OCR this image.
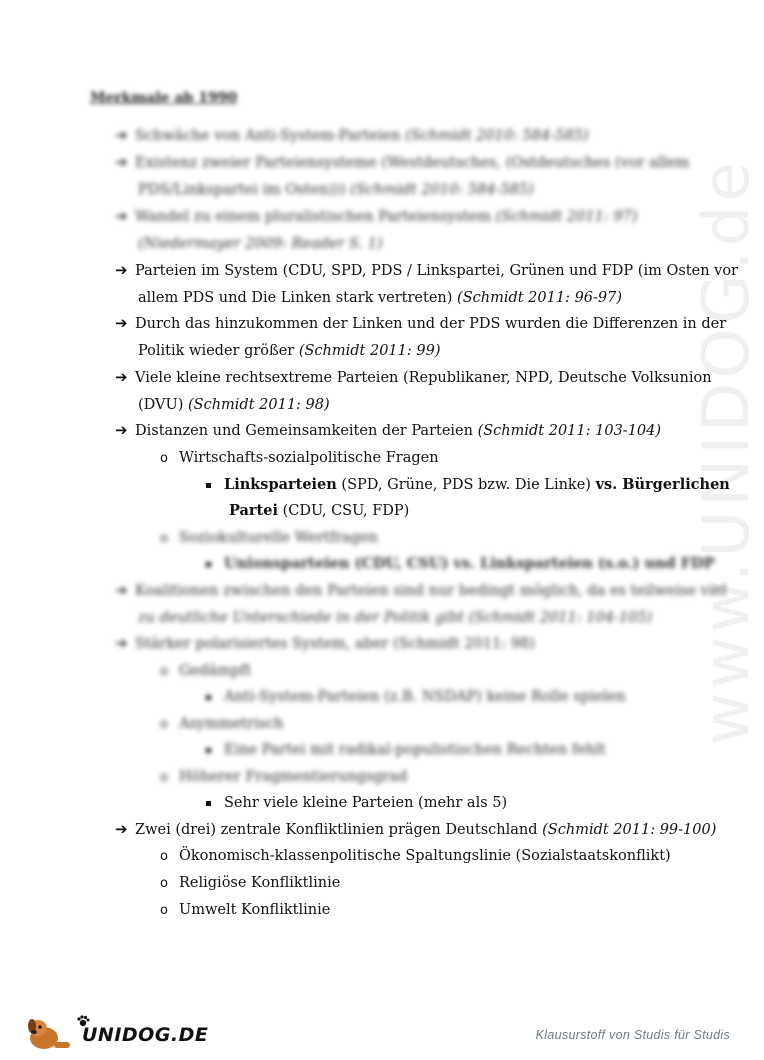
www.UNIDOG.de
Merkmale ab 1990
➔ Schwäche von Anti-System-Parteien (Schmidt 2010: 584-585)
➔ Existenz zweier Parteiensysteme (Westdeutsches, (Ostdeutsches (vor allem
PDS/Linkspartei im Osten))) (Schmidt 2010: 584-585)
➔ Wandel zu einem pluralistischen Parteiensystem (Schmidt 2011: 97)
(Niedermayer 2009: Reader S. 1)
➔ Parteien im System (CDU, SPD, PDS / Linkspartei, Grünen und FDP (im Osten vor
allem PDS und Die Linken stark vertreten) (Schmidt 2011: 96-97)
➔ Durch das hinzukommen der Linken und der PDS wurden die Differenzen in der
Politik wieder größer (Schmidt 2011: 99)
➔ Viele kleine rechtsextreme Parteien (Republikaner, NPD, Deutsche Volksunion
(DVU) (Schmidt 2011: 98)
➔ Distanzen und Gemeinsamkeiten der Parteien (Schmidt 2011: 103-104)
o Wirtschafts-sozialpolitische Fragen
Linksparteien (SPD, Grüne, PDS bzw. Die Linke) vs. Bürgerlichen
Partei (CDU, CSU, FDP)
o Soziokulturelle Wertfragen
Unionsparteien (CDU, CSU) vs. Linksparteien (s.o.) und FDP
➔ Koalitionen zwischen den Parteien sind nur bedingt möglich, da es teilweise viel
zu deutliche Unterschiede in der Politik gibt (Schmidt 2011: 104-105)
➔ Stärker polarisiertes System, aber (Schmidt 2011: 98)
o Gedämpft
Anti-System-Parteien (z.B. NSDAP) keine Rolle spielen
o Asymmetrisch
Eine Partei mit radikal-populistischen Rechten fehlt
o Höherer Fragmentierungsgrad
Sehr viele kleine Parteien (mehr als 5)
➔ Zwei (drei) zentrale Konfliktlinien prägen Deutschland (Schmidt 2011: 99-100)
o Ökonomisch-klassenpolitische Spaltungslinie (Sozialstaatskonflikt)
o Religiöse Konfliktlinie
o Umwelt Konfliktlinie
UNIDOG.DE	Klausurstoff von Studis für Studis
